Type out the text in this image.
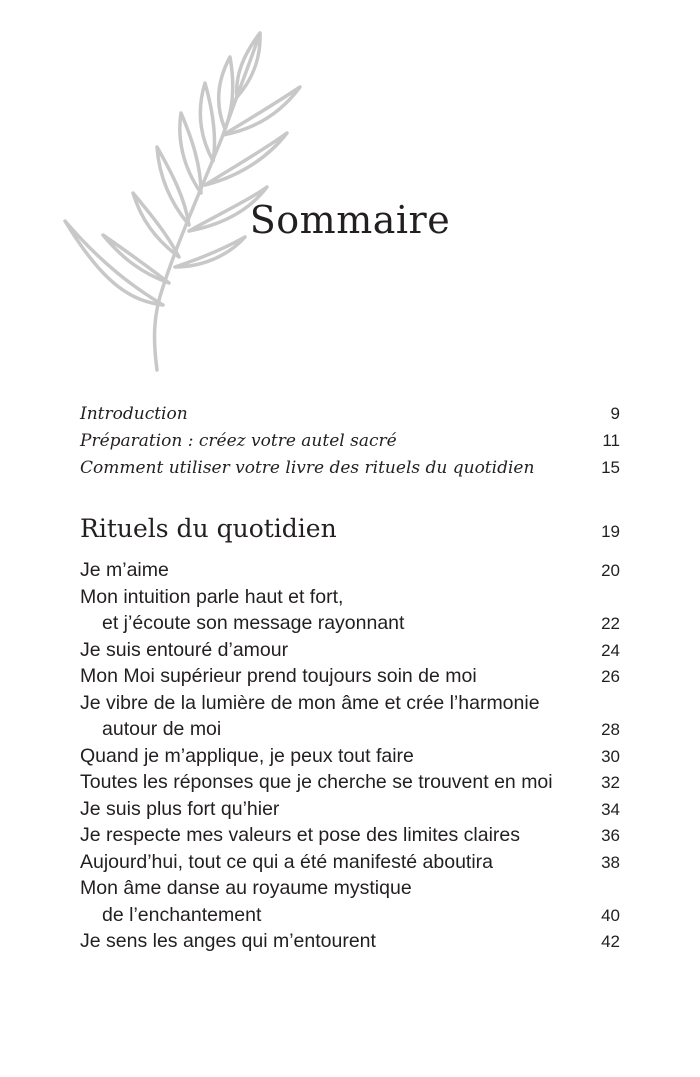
Sommaire
Introduction	9
Préparation : créez votre autel sacré	11
Comment utiliser votre livre des rituels du quotidien	15
Rituels du quotidien	19
Je m’aime	20
Mon intuition parle haut et fort,
et j’écoute son message rayonnant	22
Je suis entouré d’amour	24
Mon Moi supérieur prend toujours soin de moi	26
Je vibre de la lumière de mon âme et crée l’harmonie
autour de moi	28
Quand je m’applique, je peux tout faire	30
Toutes les réponses que je cherche se trouvent en moi	32
Je suis plus fort qu’hier	34
Je respecte mes valeurs et pose des limites claires	36
Aujourd’hui, tout ce qui a été manifesté aboutira	38
Mon âme danse au royaume mystique
de l’enchantement	40
Je sens les anges qui m’entourent	42
